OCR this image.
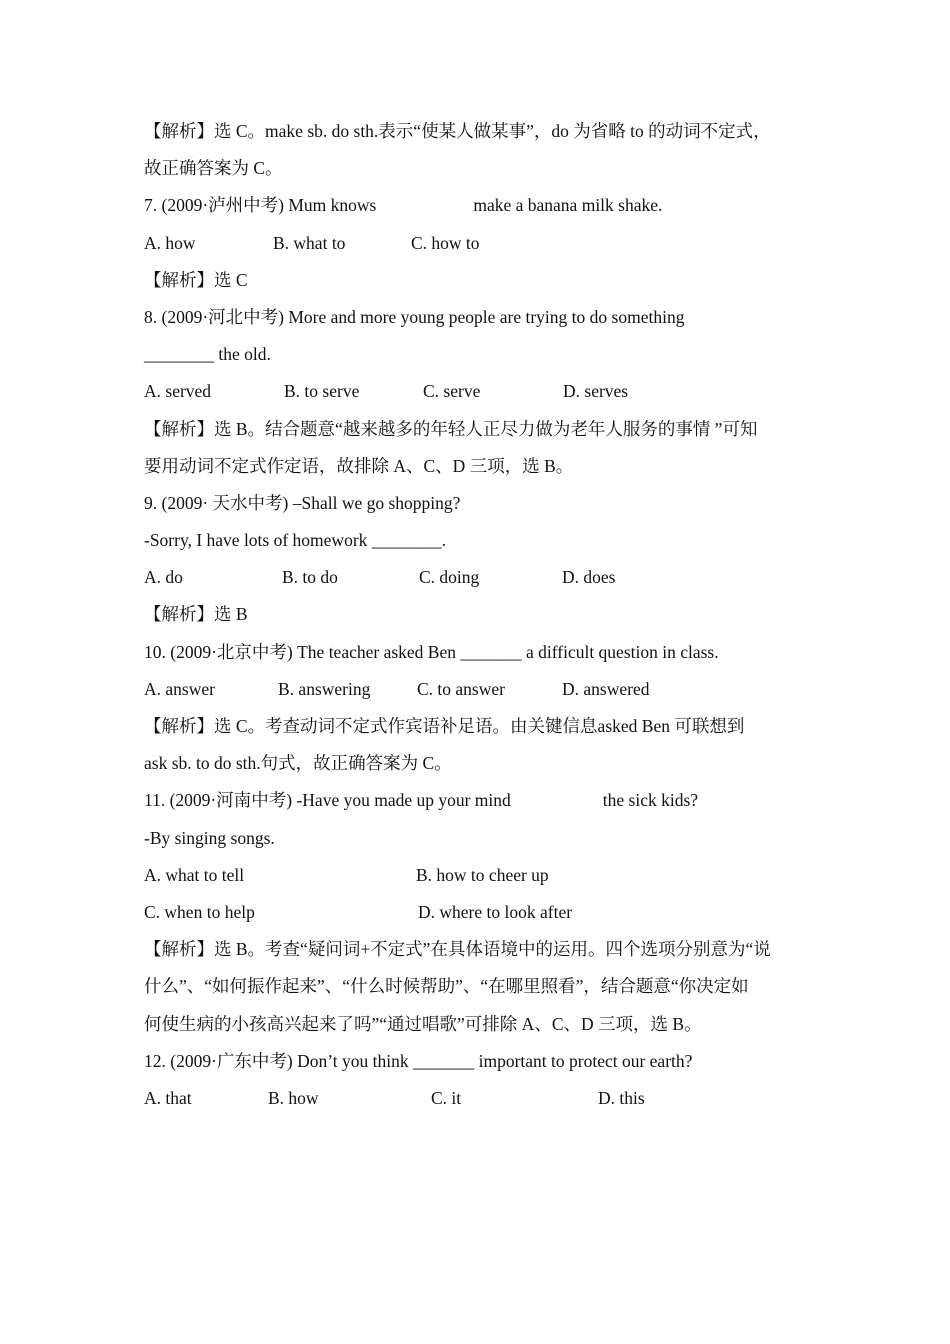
【解析】选 C。make sb. do sth.表示“使某人做某事”，do 为省略 to 的动词不定式，
故正确答案为 C。
7. (2009·泸州中考) Mum knows	make a banana milk shake.
A. how	B. what to	C. how to
【解析】选 C
8. (2009·河北中考) More and more young people are trying to do something
________ the old.
A. served	B. to serve	C. serve	D. serves
【解析】选 B。结合题意“越来越多的年轻人正尽力做为老年人服务的事情 ”可知
要用动词不定式作定语，故排除 A、C、D 三项，选 B。
9. (2009· 天水中考) –Shall we go shopping?
-Sorry, I have lots of homework ________.
A. do	B. to do	C. doing	D. does
【解析】选 B
10. (2009·北京中考) The teacher asked Ben _______ a difficult question in class.
A. answer	B. answering	C. to answer	D. answered
【解析】选 C。考查动词不定式作宾语补足语。由关键信息asked Ben 可联想到
ask sb. to do sth.句式，故正确答案为 C。
11. (2009·河南中考) -Have you made up your mind	the sick kids?
-By singing songs.
A. what to tell	B. how to cheer up
C. when to help	D. where to look after
【解析】选 B。考查“疑问词+不定式”在具体语境中的运用。四个选项分别意为“说
什么”、“如何振作起来”、“什么时候帮助”、“在哪里照看”，结合题意“你决定如
何使生病的小孩高兴起来了吗”“通过唱歌”可排除 A、C、D 三项，选 B。
12. (2009·广东中考) Don’t you think _______ important to protect our earth?
A. that	B. how	C. it	D. this
